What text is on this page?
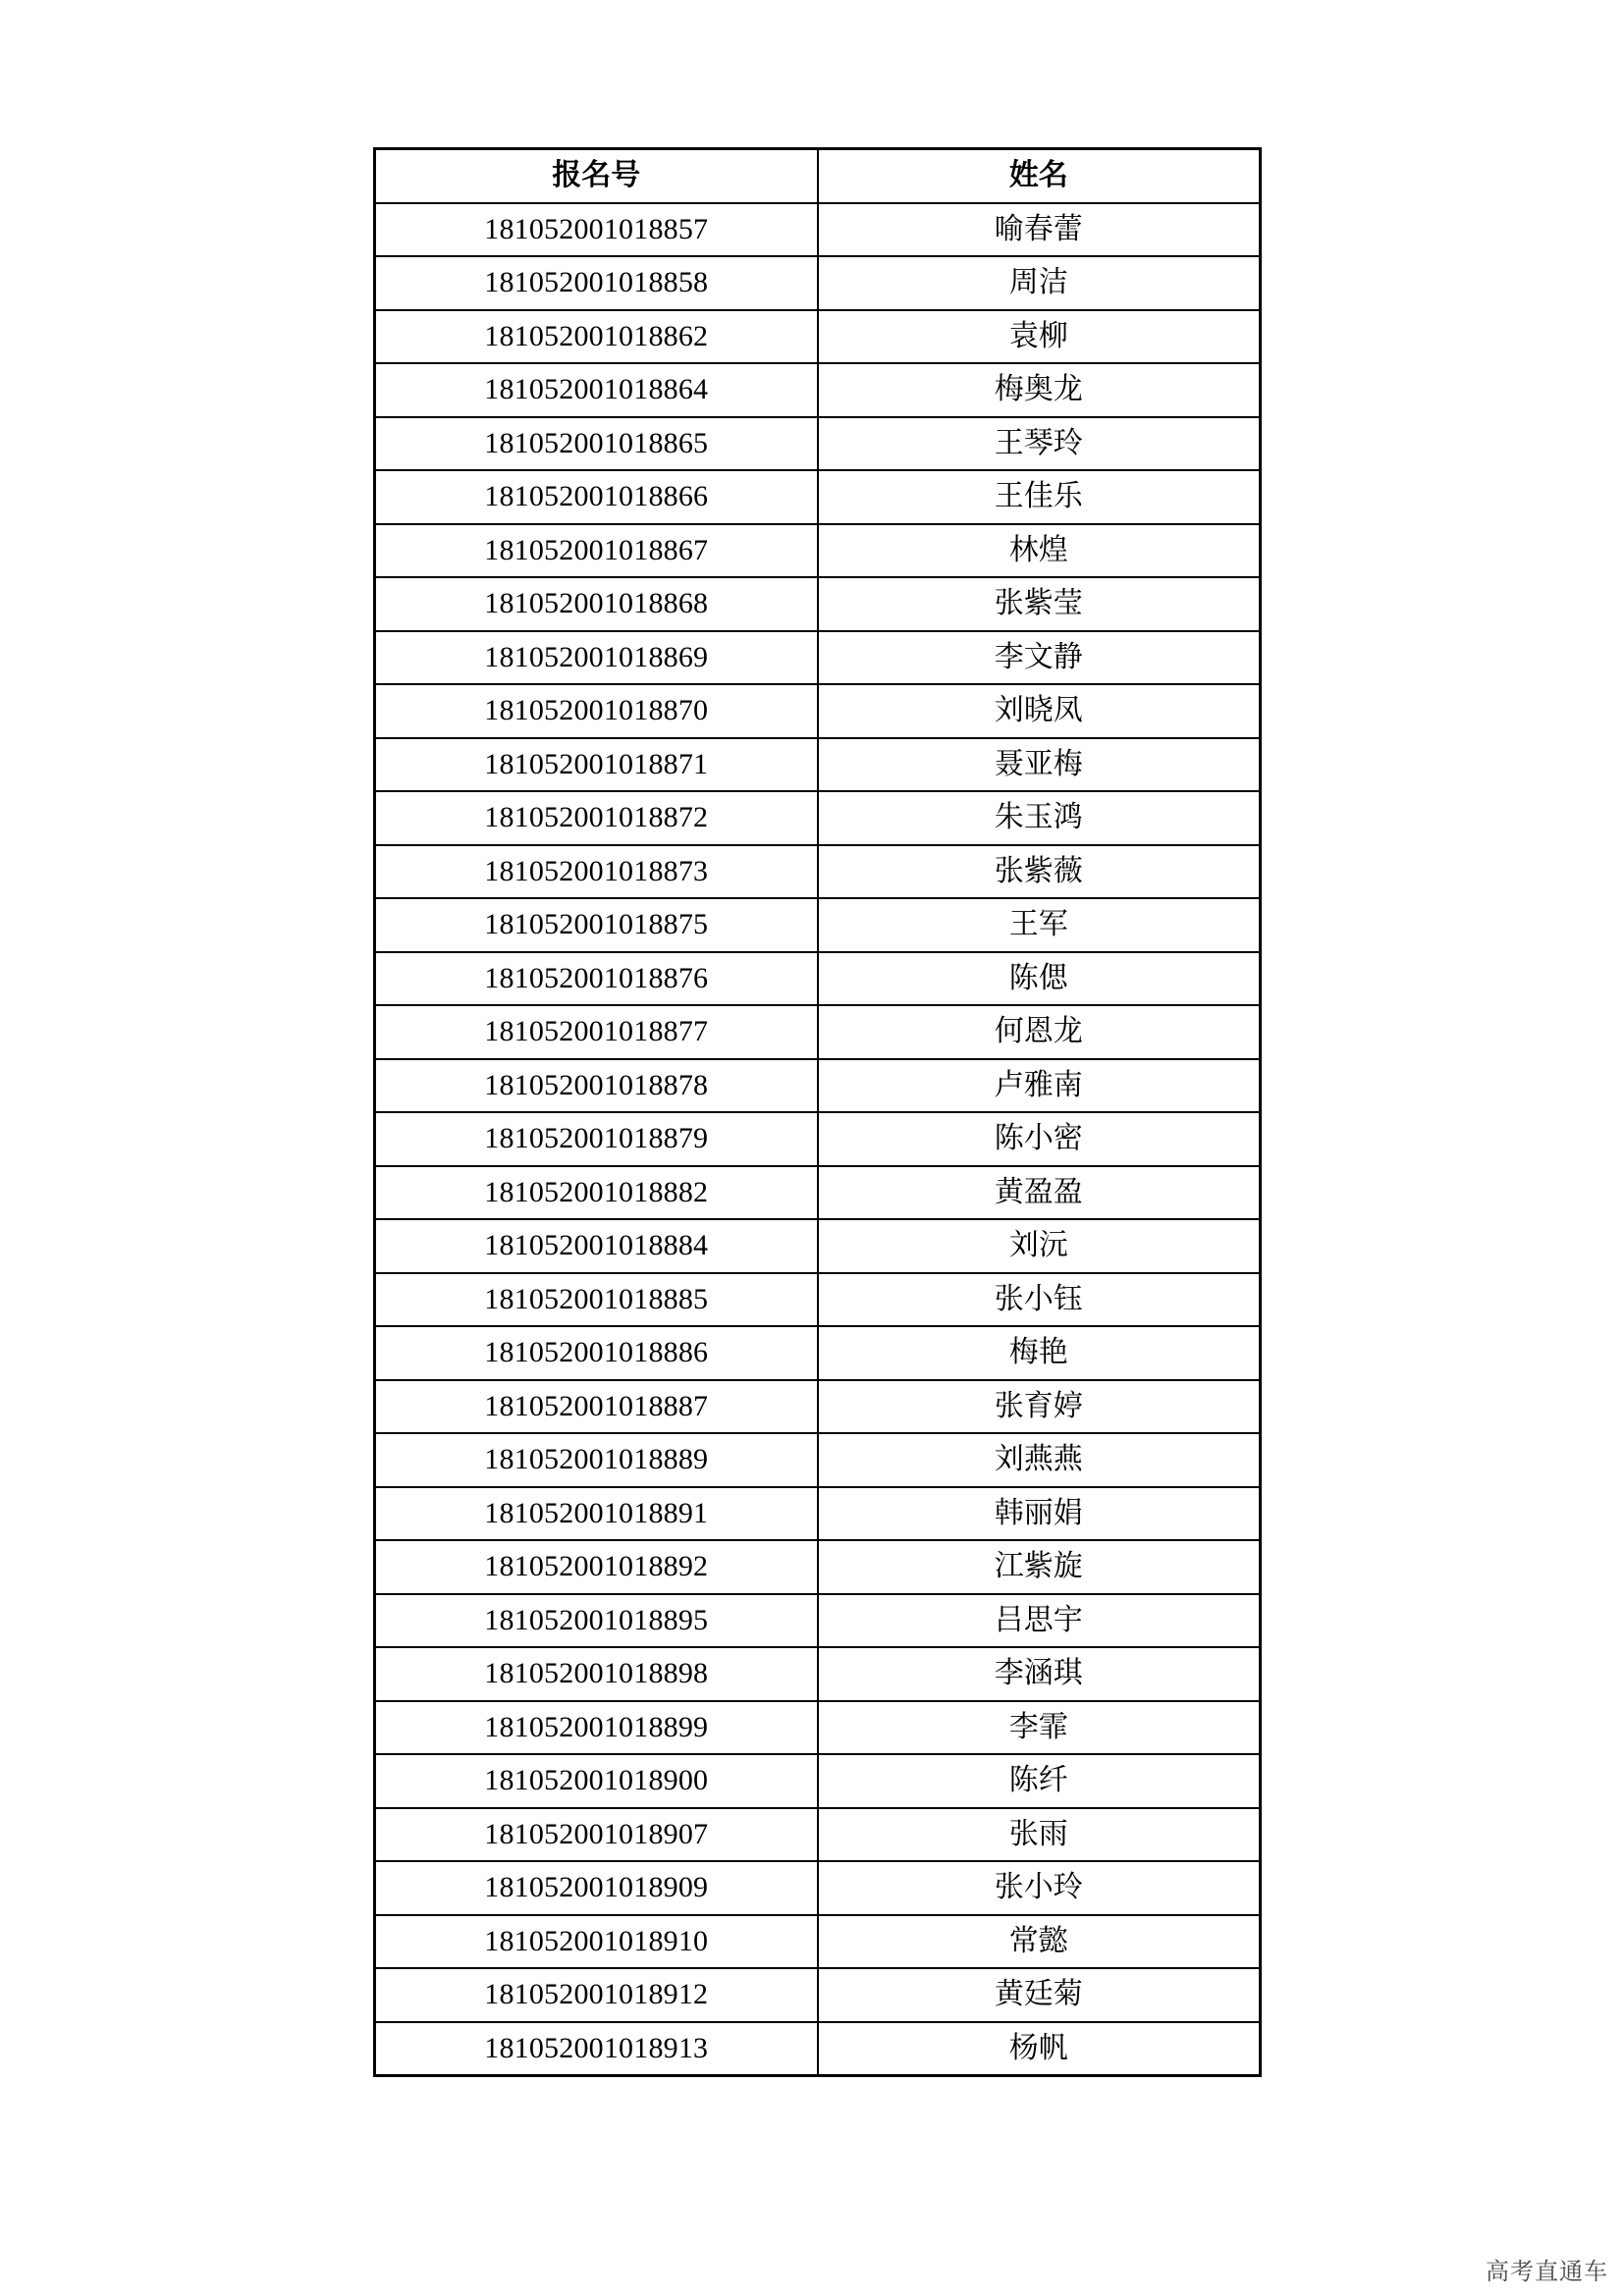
报名号	姓名
181052001018857	喻春蕾
181052001018858	周洁
181052001018862	袁柳
181052001018864	梅奥龙
181052001018865	王琴玲
181052001018866	王佳乐
181052001018867	林煌
181052001018868	张紫莹
181052001018869	李文静
181052001018870	刘晓凤
181052001018871	聂亚梅
181052001018872	朱玉鸿
181052001018873	张紫薇
181052001018875	王军
181052001018876	陈偲
181052001018877	何恩龙
181052001018878	卢雅南
181052001018879	陈小密
181052001018882	黄盈盈
181052001018884	刘沅
181052001018885	张小钰
181052001018886	梅艳
181052001018887	张育婷
181052001018889	刘燕燕
181052001018891	韩丽娟
181052001018892	江紫旋
181052001018895	吕思宇
181052001018898	李涵琪
181052001018899	李霏
181052001018900	陈纤
181052001018907	张雨
181052001018909	张小玲
181052001018910	常懿
181052001018912	黄廷菊
181052001018913	杨帆
高考直通车
